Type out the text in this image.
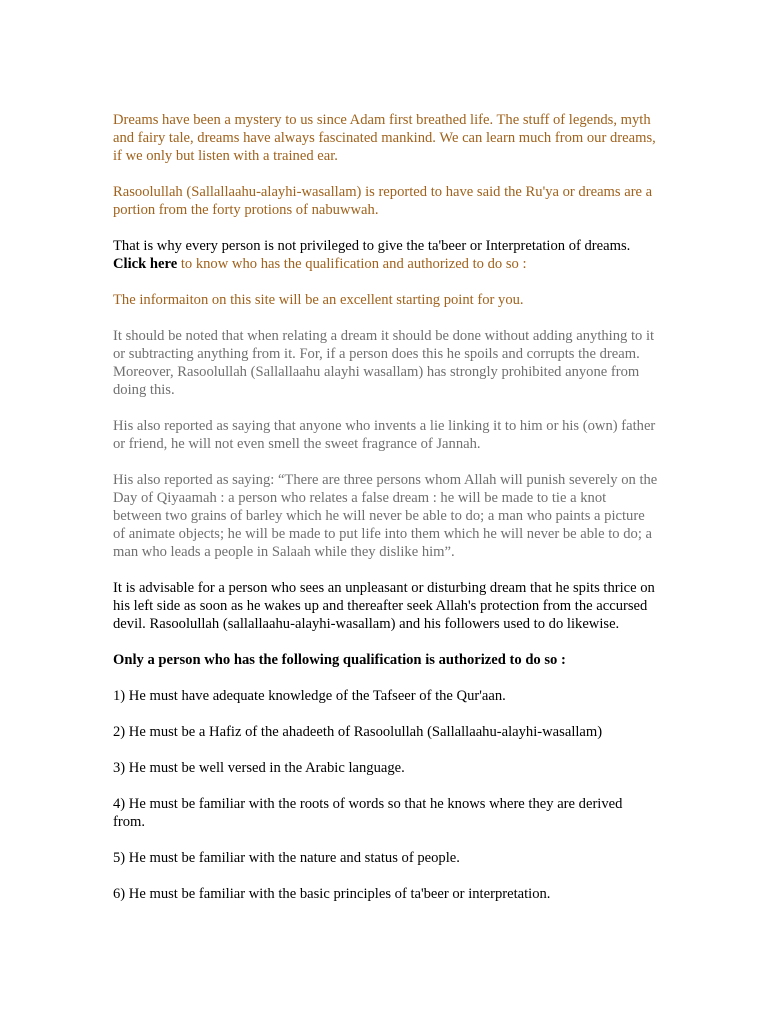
Dreams have been a mystery to us since Adam first breathed life. The stuff of legends, myth and fairy tale, dreams have always fascinated mankind. We can learn much from our dreams, if we only but listen with a trained ear.

Rasoolullah (Sallallaahu-alayhi-wasallam) is reported to have said the Ru'ya or dreams are a portion from the forty protions of nabuwwah.

That is why every person is not privileged to give the ta'beer or Interpretation of dreams.
Click here to know who has the qualification and authorized to do so :

The informaiton on this site will be an excellent starting point for you.

It should be noted that when relating a dream it should be done without adding anything to it or subtracting anything from it. For, if a person does this he spoils and corrupts the dream. Moreover, Rasoolullah (Sallallaahu alayhi wasallam) has strongly prohibited anyone from doing this.

His also reported as saying that anyone who invents a lie linking it to him or his (own) father or friend, he will not even smell the sweet fragrance of Jannah.

His also reported as saying: “There are three persons whom Allah will punish severely on the Day of Qiyaamah : a person who relates a false dream : he will be made to tie a knot between two grains of barley which he will never be able to do; a man who paints a picture of animate objects; he will be made to put life into them which he will never be able to do; a man who leads a people in Salaah while they dislike him”.

It is advisable for a person who sees an unpleasant or disturbing dream that he spits thrice on his left side as soon as he wakes up and thereafter seek Allah's protection from the accursed devil. Rasoolullah (sallallaahu-alayhi-wasallam) and his followers used to do likewise.

Only a person who has the following qualification is authorized to do so :

1) He must have adequate knowledge of the Tafseer of the Qur'aan.

2) He must be a Hafiz of the ahadeeth of Rasoolullah (Sallallaahu-alayhi-wasallam)

3) He must be well versed in the Arabic language.

4) He must be familiar with the roots of words so that he knows where they are derived from.

5) He must be familiar with the nature and status of people.

6) He must be familiar with the basic principles of ta'beer or interpretation.
